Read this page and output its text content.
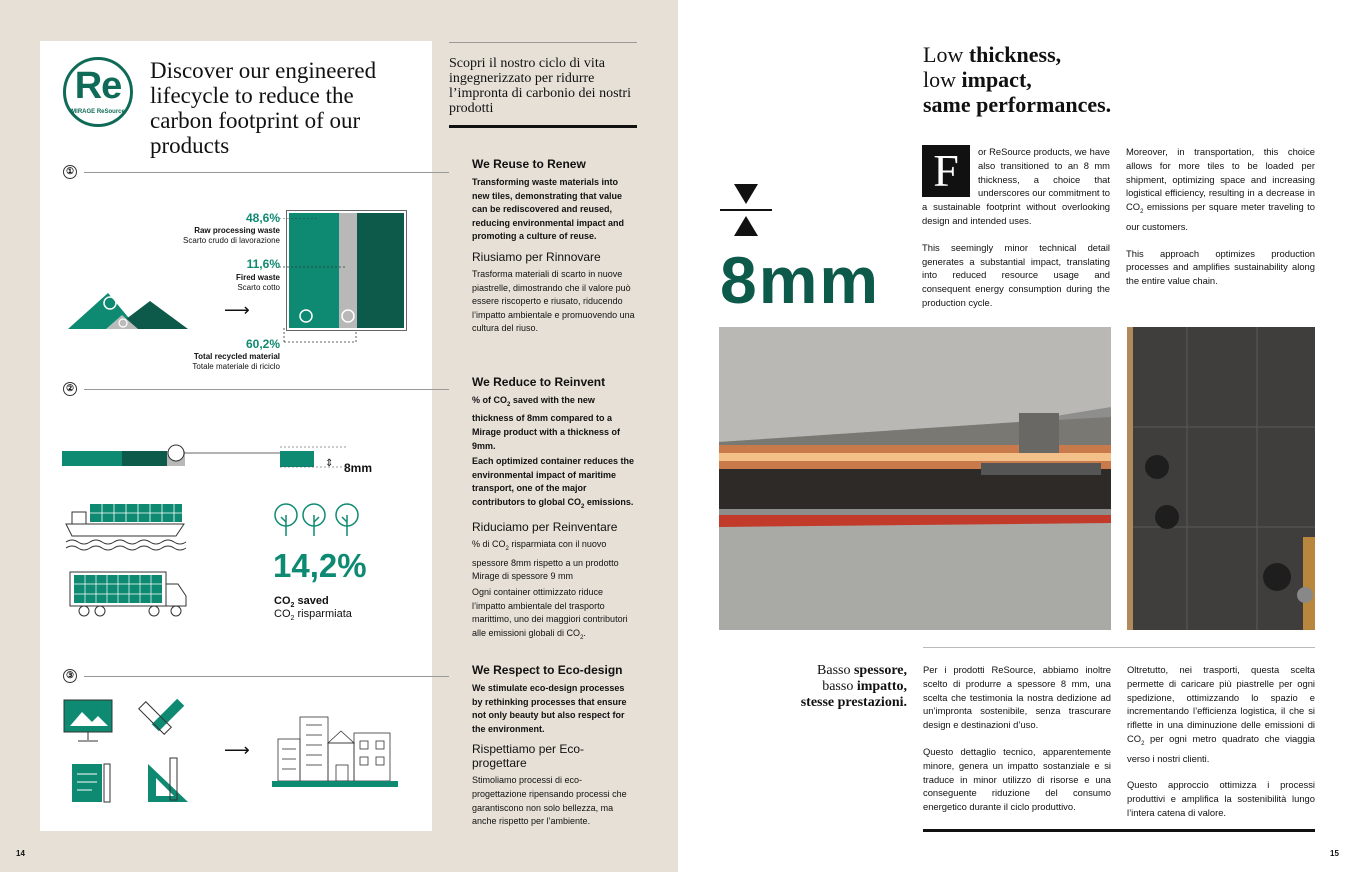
Re
MIRAGE ReSource
Discover our engineered lifecycle to reduce the carbon footprint of our products
①
②
③
⟶
48,6%
Raw processing waste
Scarto crudo di lavorazione
11,6%
Fired waste
Scarto cotto
60,2%
Total recycled material
Totale materiale di riciclo
⇕ 8mm
14,2%
$CO_2$ saved
$CO_2$ risparmiata
⟶
Scopri il nostro ciclo di vita ingegnerizzato per ridurre l’impronta di carbonio dei nostri prodotti
We Reuse to Renew

Transforming waste materials into new tiles, demonstrating that value can be rediscovered and reused, reducing environmental impact and promoting a culture of reuse.

Riusiamo per Rinnovare

Trasforma materiali di scarto in nuove piastrelle, dimostrando che il valore può essere riscoperto e riusato, riducendo l’impatto ambientale e promuovendo una cultura del riuso.

We Reduce to Reinvent

% of $CO_2$ saved with the new thickness of 8mm compared to a Mirage product with a thickness of 9mm.

Each optimized container reduces the environmental impact of maritime transport, one of the major contributors to global $CO_2$ emissions.

Riduciamo per Reinventare

% di $CO_2$ risparmiata con il nuovo spessore 8mm rispetto a un prodotto Mirage di spessore 9 mm

Ogni container ottimizzato riduce l’impatto ambientale del trasporto marittimo, uno dei maggiori contributori alle emissioni globali di $CO_2$.

We Respect to Eco-design

We stimulate eco-design processes by rethinking processes that ensure not only beauty but also respect for the environment.

Rispettiamo per Eco-progettare

Stimoliamo processi di eco-progettazione ripensando processi che garantiscono non solo bellezza, ma anche rispetto per l’ambiente.

14
Low thickness,
low impact,
same performances.
8mm
F	or ReSource products, we have also transitioned to an 8 mm thickness, a choice that underscores our commitment to a sustainable footprint without overlooking design and intended uses.

This seemingly minor technical detail generates a substantial impact, translating into reduced resource usage and consequent energy consumption during the production cycle.

Moreover, in transportation, this choice allows for more tiles to be loaded per shipment, optimizing space and increasing logistical efficiency, resulting in a decrease in $CO_2$ emissions per square meter traveling to our customers.

This approach optimizes production processes and amplifies sustainability along the entire value chain.

Basso spessore,
basso impatto,
stesse prestazioni.

Per i prodotti ReSource, abbiamo inoltre scelto di produrre a spessore 8 mm, una scelta che testimonia la nostra dedizione ad un’impronta sostenibile, senza trascurare design e destinazioni d’uso.

Questo dettaglio tecnico, apparentemente minore, genera un impatto sostanziale e si traduce in minor utilizzo di risorse e una conseguente riduzione del consumo energetico durante il ciclo produttivo.

Oltretutto, nei trasporti, questa scelta permette di caricare più piastrelle per ogni spedizione, ottimizzando lo spazio e incrementando l’efficienza logistica, il che si riflette in una diminuzione delle emissioni di $CO_2$ per ogni metro quadrato che viaggia verso i nostri clienti.

Questo approccio ottimizza i processi produttivi e amplifica la sostenibilità lungo l’intera catena di valore.

15
